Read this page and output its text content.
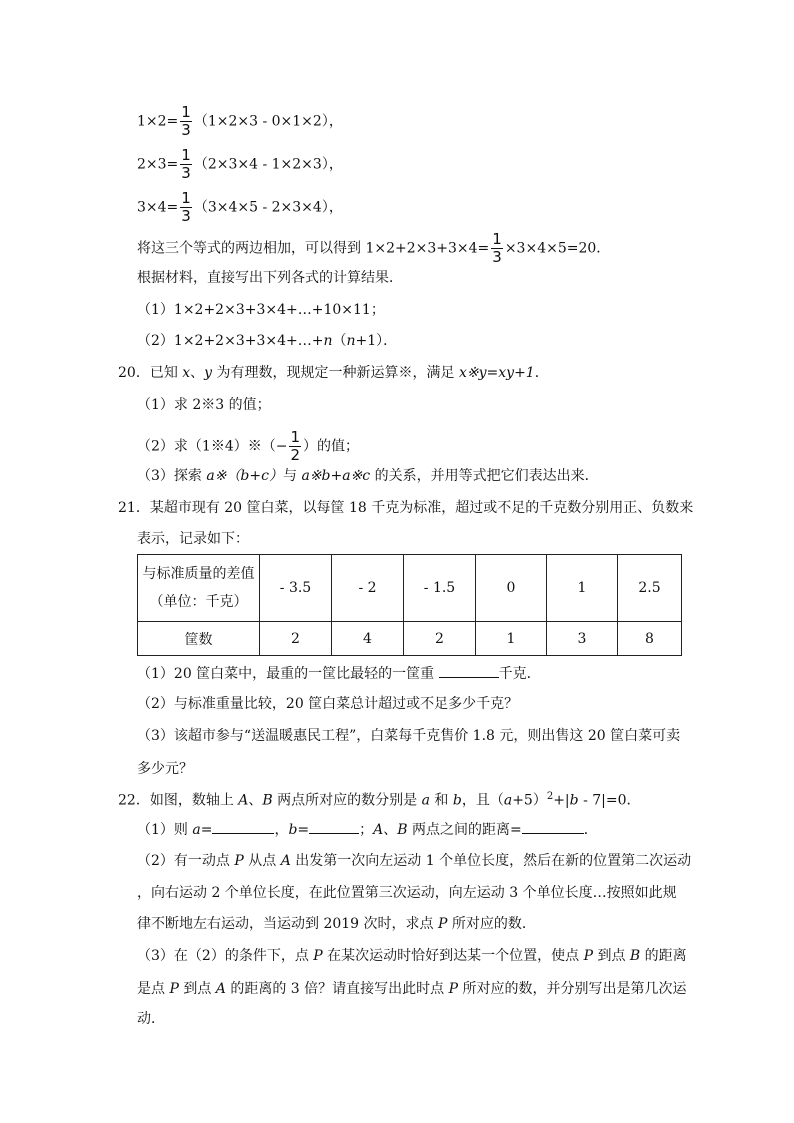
$1\times 2= \frac{1}{3} (1\times 2\times 3 - 0\times 1\times 2)$，
$2\times 3= \frac{1}{3} (2\times 3\times 4 - 1\times 2\times 3)$，
$3\times 4= \frac{1}{3} (3\times 4\times 5 - 2\times 3\times 4)$，
将这三个等式的两边相加，可以得到 $1\times 2+2\times 3+3\times 4= \frac{1}{3} \times 3\times 4\times 5=20$．
根据材料，直接写出下列各式的计算结果．
（1）1×2+2×3+3×4+…+10×11；
（2）1×2+2×3+3×4+…+n（n+1）．
20．已知 x、y 为有理数，现规定一种新运算※，满足 x※y=xy+1．
（1）求 2※3 的值；
（2）求（1※4）※（− $\frac{1}{2}$ ）的值；
（3）探索 a※（b+c）与 a※b+a※c 的关系，并用等式把它们表达出来．
21．某超市现有 20 筐白菜，以每筐 18 千克为标准，超过或不足的千克数分别用正、负数来
表示，记录如下：
与标准质量的差值
（单位：千克）	- 3.5	- 2	- 1.5	0	1	2.5
筐数	2	4	2	1	3	8
（1）20 筐白菜中，最重的一筐比最轻的一筐重	千克．
（2）与标准重量比较，20 筐白菜总计超过或不足多少千克？
（3）该超市参与“送温暖惠民工程”，白菜每千克售价 1.8 元，则出售这 20 筐白菜可卖
多少元？
22．如图，数轴上 A、B 两点所对应的数分别是 a 和 b，且$(a+5)^2+|b - 7|=0$．
（1）则 a=	，b=	；A、B 两点之间的距离=	．
（2）有一动点 P 从点 A 出发第一次向左运动 1 个单位长度，然后在新的位置第二次运动
，向右运动 2 个单位长度，在此位置第三次运动，向左运动 3 个单位长度…按照如此规
律不断地左右运动，当运动到 2019 次时，求点 P 所对应的数．
（3）在（2）的条件下，点 P 在某次运动时恰好到达某一个位置，使点 P 到点 B 的距离
是点 P 到点 A 的距离的 3 倍？请直接写出此时点 P 所对应的数，并分别写出是第几次运
动．
